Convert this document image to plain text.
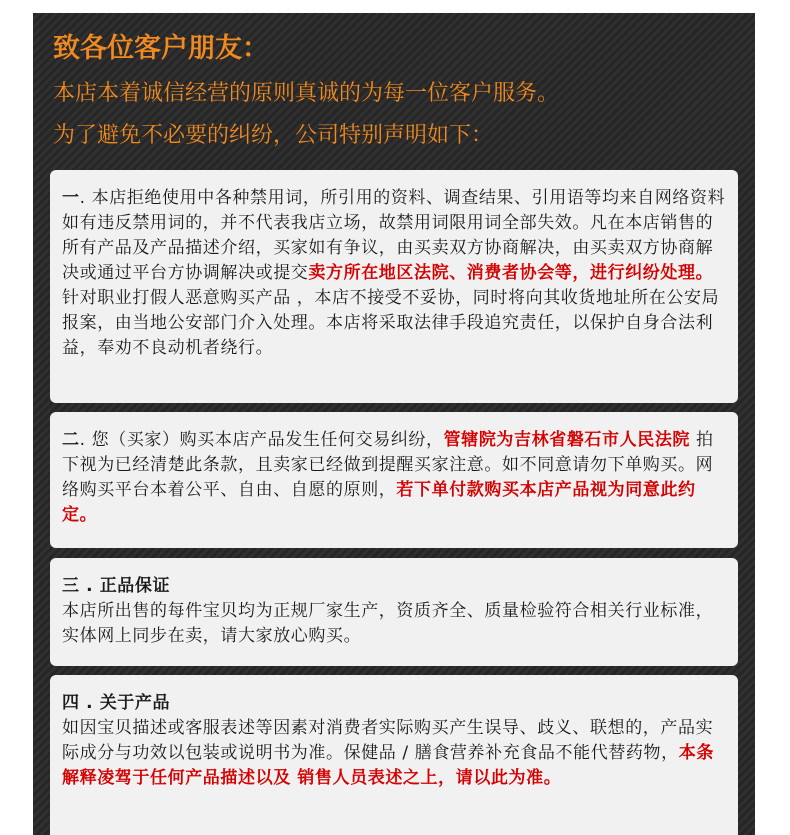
致各位客户朋友：
本店本着诚信经营的原则真诚的为每一位客户服务。
为了避免不必要的纠纷，公司特别声明如下：
一. 本店拒绝使用中各种禁用词，所引用的资料、调查结果、引用语等均来自网络资料如有违反禁用词的，并不代表我店立场，故禁用词限用词全部失效。凡在本店销售的所有产品及产品描述介绍，买家如有争议，由买卖双方协商解决，由买卖双方协商解决或通过平台方协调解决或提交卖方所在地区法院、消费者协会等，进行纠纷处理。针对职业打假人恶意购买产品 ，本店不接受不妥协，同时将向其收货地址所在公安局报案，由当地公安部门介入处理。本店将采取法律手段追究责任，以保护自身合法利益，奉劝不良动机者绕行。
二. 您（买家）购买本店产品发生任何交易纠纷，管辖院为吉林省磐石市人民法院 拍下视为已经清楚此条款，且卖家已经做到提醒买家注意。如不同意请勿下单购买。网络购买平台本着公平、自由、自愿的原则，若下单付款购买本店产品视为同意此约定。
三 . 正品保证
本店所出售的每件宝贝均为正规厂家生产，资质齐全、质量检验符合相关行业标准，实体网上同步在卖，请大家放心购买。
四 . 关于产品
如因宝贝描述或客服表述等因素对消费者实际购买产生误导、歧义、联想的，产品实际成分与功效以包装或说明书为准。保健品 / 膳食营养补充食品不能代替药物，本条解释凌驾于任何产品描述以及 销售人员表述之上，请以此为准。
